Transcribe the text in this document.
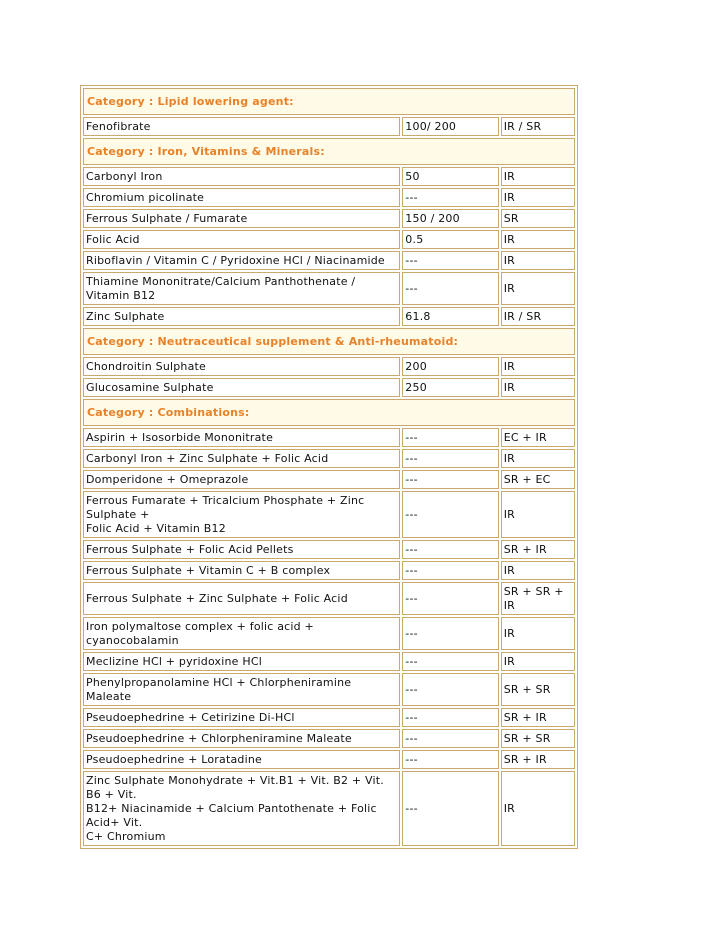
Category : Lipid lowering agent:		
Fenofibrate	100/ 200	IR / SR
Category : Iron, Vitamins & Minerals:		
Carbonyl Iron	50	IR
Chromium picolinate	---	IR
Ferrous Sulphate / Fumarate	150 / 200	SR
Folic Acid	0.5	IR
Riboflavin / Vitamin C / Pyridoxine HCl / Niacinamide	---	IR
Thiamine Mononitrate/Calcium Panthothenate / Vitamin B12	---	IR
Zinc Sulphate	61.8	IR / SR
Category : Neutraceutical supplement & Anti-rheumatoid:		
Chondroitin Sulphate	200	IR
Glucosamine Sulphate	250	IR
Category : Combinations:		
Aspirin + Isosorbide Mononitrate	---	EC + IR
Carbonyl Iron + Zinc Sulphate + Folic Acid	---	IR
Domperidone + Omeprazole	---	SR + EC
Ferrous Fumarate + Tricalcium Phosphate + Zinc Sulphate +
Folic Acid + Vitamin B12	---	IR
Ferrous Sulphate + Folic Acid Pellets	---	SR + IR
Ferrous Sulphate + Vitamin C + B complex	---	IR
Ferrous Sulphate + Zinc Sulphate + Folic Acid	---	SR + SR + IR
Iron polymaltose complex + folic acid + cyanocobalamin	---	IR
Meclizine HCl + pyridoxine HCl	---	IR
Phenylpropanolamine HCl + Chlorpheniramine Maleate	---	SR + SR
Pseudoephedrine + Cetirizine Di-HCl	---	SR + IR
Pseudoephedrine + Chlorpheniramine Maleate	---	SR + SR
Pseudoephedrine + Loratadine	---	SR + IR
Zinc Sulphate Monohydrate + Vit.B1 + Vit. B2 + Vit. B6 + Vit.
B12+ Niacinamide + Calcium Pantothenate + Folic Acid+ Vit.
C+ Chromium	---	IR
